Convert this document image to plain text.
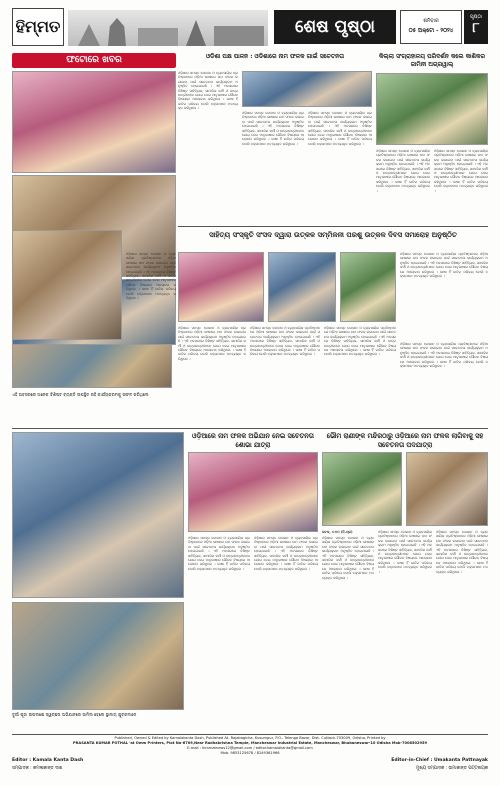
ହିମ୍ମତ	ଶେଷ ପୃଷ୍ଠା	ଶନିବାର
୦୫ ଅକ୍ଟୋ - ୨୦୨୪
ପୃଷ୍ଠା
୮
ଫଟୋରେ ଖବର	ଓଡିଶା ପକ୍ଷ ପାଳନ : ଓଡିଶାରେ ନାମ ଫଳକ ଗାଇଁ ସଚେତନତା
ଓଡ଼ିଶାର ସମସ୍ତ ଦୋକାନ ଓ ବ୍ୟବସାୟିକ ପ୍ରତିଷ୍ଠାନରେ ଓଡ଼ିଆ ଭାଷାରେ ନାମ ଫଳକ ଲଗାଇବା ପାଇଁ ସଚେତନତା କାର୍ଯ୍ୟକ୍ରମ ଅନୁଷ୍ଠିତ ହୋଇଯାଇଛି । ଏହି ଅବସରରେ ବିଶିଷ୍ଟ ସାହିତ୍ୟିକ, ସାମାଜିକ କର୍ମୀ ଓ ଛାତ୍ରଛାତ୍ରୀମାନେ ଯୋଗ ଦେଇ ମାତୃଭାଷାର ଗୌରବ ବିଷୟରେ ଆଲୋଚନା କରିଥିଲେ । ଭାଷା ହିଁ ଜାତିର ପରିଚୟ ବୋଲି ବକ୍ତାମାନେ ମତବ୍ୟକ୍ତ କରିଥିଲେ ।
ଓଡ଼ିଶାର ସମସ୍ତ ଦୋକାନ ଓ ବ୍ୟବସାୟିକ ପ୍ରତିଷ୍ଠାନରେ ଓଡ଼ିଆ ଭାଷାରେ ନାମ ଫଳକ ଲଗାଇବା ପାଇଁ ସଚେତନତା କାର୍ଯ୍ୟକ୍ରମ ଅନୁଷ୍ଠିତ ହୋଇଯାଇଛି । ଏହି ଅବସରରେ ବିଶିଷ୍ଟ ସାହିତ୍ୟିକ, ସାମାଜିକ କର୍ମୀ ଓ ଛାତ୍ରଛାତ୍ରୀମାନେ ଯୋଗ ଦେଇ ମାତୃଭାଷାର ଗୌରବ ବିଷୟରେ ଆଲୋଚନା କରିଥିଲେ । ଭାଷା ହିଁ ଜାତିର ପରିଚୟ ବୋଲି ବକ୍ତାମାନେ ମତବ୍ୟକ୍ତ କରିଥିଲେ ।
ଓଡ଼ିଶାର ସମସ୍ତ ଦୋକାନ ଓ ବ୍ୟବସାୟିକ ପ୍ରତିଷ୍ଠାନରେ ଓଡ଼ିଆ ଭାଷାରେ ନାମ ଫଳକ ଲଗାଇବା ପାଇଁ ସଚେତନତା କାର୍ଯ୍ୟକ୍ରମ ଅନୁଷ୍ଠିତ ହୋଇଯାଇଛି । ଏହି ଅବସରରେ ବିଶିଷ୍ଟ ସାହିତ୍ୟିକ, ସାମାଜିକ କର୍ମୀ ଓ ଛାତ୍ରଛାତ୍ରୀମାନେ ଯୋଗ ଦେଇ ମାତୃଭାଷାର ଗୌରବ ବିଷୟରେ ଆଲୋଚନା କରିଥିଲେ । ଭାଷା ହିଁ ଜାତିର ପରିଚୟ ବୋଲି ବକ୍ତାମାନେ ମତବ୍ୟକ୍ତ କରିଥିଲେ ।
କିଲ୍ଲା ସଂଗ୍ରାହାଳୟ ପରିଦର୍ଶନ କଲେ କାଶିକର ଜାମିନୀ ଅଗ୍ରୱାଲ୍
ଓଡ଼ିଶାର ସମସ୍ତ ଦୋକାନ ଓ ବ୍ୟବସାୟିକ ପ୍ରତିଷ୍ଠାନରେ ଓଡ଼ିଆ ଭାଷାରେ ନାମ ଫଳକ ଲଗାଇବା ପାଇଁ ସଚେତନତା କାର୍ଯ୍ୟକ୍ରମ ଅନୁଷ୍ଠିତ ହୋଇଯାଇଛି । ଏହି ଅବସରରେ ବିଶିଷ୍ଟ ସାହିତ୍ୟିକ, ସାମାଜିକ କର୍ମୀ ଓ ଛାତ୍ରଛାତ୍ରୀମାନେ ଯୋଗ ଦେଇ ମାତୃଭାଷାର ଗୌରବ ବିଷୟରେ ଆଲୋଚନା କରିଥିଲେ । ଭାଷା ହିଁ ଜାତିର ପରିଚୟ ବୋଲି ବକ୍ତାମାନେ ମତବ୍ୟକ୍ତ କରିଥିଲେ ।
ଓଡ଼ିଶାର ସମସ୍ତ ଦୋକାନ ଓ ବ୍ୟବସାୟିକ ପ୍ରତିଷ୍ଠାନରେ ଓଡ଼ିଆ ଭାଷାରେ ନାମ ଫଳକ ଲଗାଇବା ପାଇଁ ସଚେତନତା କାର୍ଯ୍ୟକ୍ରମ ଅନୁଷ୍ଠିତ ହୋଇଯାଇଛି । ଏହି ଅବସରରେ ବିଶିଷ୍ଟ ସାହିତ୍ୟିକ, ସାମାଜିକ କର୍ମୀ ଓ ଛାତ୍ରଛାତ୍ରୀମାନେ ଯୋଗ ଦେଇ ମାତୃଭାଷାର ଗୌରବ ବିଷୟରେ ଆଲୋଚନା କରିଥିଲେ । ଭାଷା ହିଁ ଜାତିର ପରିଚୟ ବୋଲି ବକ୍ତାମାନେ ମତବ୍ୟକ୍ତ କରିଥିଲେ ।
ସାହିତ୍ୟ ସଂସ୍କୃତି ସଂସଦ ଦ୍ୱାରା ଉତ୍କଳ ସମ୍ମିଳନୀ ପରଶୁ ଉତ୍କଳ ଦିବସ ସମାରୋହ ଅନୁଷ୍ଠିତ
ଓଡ଼ିଶାର ସମସ୍ତ ଦୋକାନ ଓ ବ୍ୟବସାୟିକ ପ୍ରତିଷ୍ଠାନରେ ଓଡ଼ିଆ ଭାଷାରେ ନାମ ଫଳକ ଲଗାଇବା ପାଇଁ ସଚେତନତା କାର୍ଯ୍ୟକ୍ରମ ଅନୁଷ୍ଠିତ ହୋଇଯାଇଛି । ଏହି ଅବସରରେ ବିଶିଷ୍ଟ ସାହିତ୍ୟିକ, ସାମାଜିକ କର୍ମୀ ଓ ଛାତ୍ରଛାତ୍ରୀମାନେ ଯୋଗ ଦେଇ ମାତୃଭାଷାର ଗୌରବ ବିଷୟରେ ଆଲୋଚନା କରିଥିଲେ । ଭାଷା ହିଁ ଜାତିର ପରିଚୟ ବୋଲି ବକ୍ତାମାନେ ମତବ୍ୟକ୍ତ କରିଥିଲେ ।
ଓଡ଼ିଶାର ସମସ୍ତ ଦୋକାନ ଓ ବ୍ୟବସାୟିକ ପ୍ରତିଷ୍ଠାନରେ ଓଡ଼ିଆ ଭାଷାରେ ନାମ ଫଳକ ଲଗାଇବା ପାଇଁ ସଚେତନତା କାର୍ଯ୍ୟକ୍ରମ ଅନୁଷ୍ଠିତ ହୋଇଯାଇଛି । ଏହି ଅବସରରେ ବିଶିଷ୍ଟ ସାହିତ୍ୟିକ, ସାମାଜିକ କର୍ମୀ ଓ ଛାତ୍ରଛାତ୍ରୀମାନେ ଯୋଗ ଦେଇ ମାତୃଭାଷାର ଗୌରବ ବିଷୟରେ ଆଲୋଚନା କରିଥିଲେ । ଭାଷା ହିଁ ଜାତିର ପରିଚୟ ବୋଲି ବକ୍ତାମାନେ ମତବ୍ୟକ୍ତ କରିଥିଲେ ।
ଓଡ଼ିଶାର ସମସ୍ତ ଦୋକାନ ଓ ବ୍ୟବସାୟିକ ପ୍ରତିଷ୍ଠାନରେ ଓଡ଼ିଆ ଭାଷାରେ ନାମ ଫଳକ ଲଗାଇବା ପାଇଁ ସଚେତନତା କାର୍ଯ୍ୟକ୍ରମ ଅନୁଷ୍ଠିତ ହୋଇଯାଇଛି । ଏହି ଅବସରରେ ବିଶିଷ୍ଟ ସାହିତ୍ୟିକ, ସାମାଜିକ କର୍ମୀ ଓ ଛାତ୍ରଛାତ୍ରୀମାନେ ଯୋଗ ଦେଇ ମାତୃଭାଷାର ଗୌରବ ବିଷୟରେ ଆଲୋଚନା କରିଥିଲେ । ଭାଷା ହିଁ ଜାତିର ପରିଚୟ ବୋଲି ବକ୍ତାମାନେ ମତବ୍ୟକ୍ତ କରିଥିଲେ ।
ଓଡ଼ିଶାର ସମସ୍ତ ଦୋକାନ ଓ ବ୍ୟବସାୟିକ ପ୍ରତିଷ୍ଠାନରେ ଓଡ଼ିଆ ଭାଷାରେ ନାମ ଫଳକ ଲଗାଇବା ପାଇଁ ସଚେତନତା କାର୍ଯ୍ୟକ୍ରମ ଅନୁଷ୍ଠିତ ହୋଇଯାଇଛି । ଏହି ଅବସରରେ ବିଶିଷ୍ଟ ସାହିତ୍ୟିକ, ସାମାଜିକ କର୍ମୀ ଓ ଛାତ୍ରଛାତ୍ରୀମାନେ ଯୋଗ ଦେଇ ମାତୃଭାଷାର ଗୌରବ ବିଷୟରେ ଆଲୋଚନା କରିଥିଲେ । ଭାଷା ହିଁ ଜାତିର ପରିଚୟ ବୋଲି ବକ୍ତାମାନେ ମତବ୍ୟକ୍ତ କରିଥିଲେ ।
ଓଡ଼ିଶାର ସମସ୍ତ ଦୋକାନ ଓ ବ୍ୟବସାୟିକ ପ୍ରତିଷ୍ଠାନରେ ଓଡ଼ିଆ ଭାଷାରେ ନାମ ଫଳକ ଲଗାଇବା ପାଇଁ ସଚେତନତା କାର୍ଯ୍ୟକ୍ରମ ଅନୁଷ୍ଠିତ ହୋଇଯାଇଛି । ଏହି ଅବସରରେ ବିଶିଷ୍ଟ ସାହିତ୍ୟିକ, ସାମାଜିକ କର୍ମୀ ଓ ଛାତ୍ରଛାତ୍ରୀମାନେ ଯୋଗ ଦେଇ ମାତୃଭାଷାର ଗୌରବ ବିଷୟରେ ଆଲୋଚନା କରିଥିଲେ । ଭାଷା ହିଁ ଜାତିର ପରିଚୟ ବୋଲି ବକ୍ତାମାନେ ମତବ୍ୟକ୍ତ କରିଥିଲେ ।
ଓଡ଼ିଶାର ସମସ୍ତ ଦୋକାନ ଓ ବ୍ୟବସାୟିକ ପ୍ରତିଷ୍ଠାନରେ ଓଡ଼ିଆ ଭାଷାରେ ନାମ ଫଳକ ଲଗାଇବା ପାଇଁ ସଚେତନତା କାର୍ଯ୍ୟକ୍ରମ ଅନୁଷ୍ଠିତ ହୋଇଯାଇଛି । ଏହି ଅବସରରେ ବିଶିଷ୍ଟ ସାହିତ୍ୟିକ, ସାମାଜିକ କର୍ମୀ ଓ ଛାତ୍ରଛାତ୍ରୀମାନେ ଯୋଗ ଦେଇ ମାତୃଭାଷାର ଗୌରବ ବିଷୟରେ ଆଲୋଚନା କରିଥିଲେ । ଭାଷା ହିଁ ଜାତିର ପରିଚୟ ବୋଲି ବକ୍ତାମାନେ ମତବ୍ୟକ୍ତ କରିଥିଲେ ।
ଏହି ଅବସରରେ ଅନେକ ବିଶିଷ୍ଟ ବ୍ୟକ୍ତି ଉପସ୍ଥିତ ରହି କାର୍ଯ୍ୟକ୍ରମକୁ ସଫଳ କରିଥିଲେ
ଦୁର୍ଗା ପୂଜା ଉପଲକ୍ଷେ ସ୍ୱଚ୍ଛତା ଅଭିଯାନରେ ସାମିଲ ହେଲେ ସ୍ଥାନୀୟ ଯୁବକମାନେ
ଓଡ଼ିଆରେ ନାମ ଫଳକ ଅଭିଯାନ ନେଇ ସଚେତନତା ଶୋଭା ଯାତ୍ରା
ଓଡ଼ିଶାର ସମସ୍ତ ଦୋକାନ ଓ ବ୍ୟବସାୟିକ ପ୍ରତିଷ୍ଠାନରେ ଓଡ଼ିଆ ଭାଷାରେ ନାମ ଫଳକ ଲଗାଇବା ପାଇଁ ସଚେତନତା କାର୍ଯ୍ୟକ୍ରମ ଅନୁଷ୍ଠିତ ହୋଇଯାଇଛି । ଏହି ଅବସରରେ ବିଶିଷ୍ଟ ସାହିତ୍ୟିକ, ସାମାଜିକ କର୍ମୀ ଓ ଛାତ୍ରଛାତ୍ରୀମାନେ ଯୋଗ ଦେଇ ମାତୃଭାଷାର ଗୌରବ ବିଷୟରେ ଆଲୋଚନା କରିଥିଲେ । ଭାଷା ହିଁ ଜାତିର ପରିଚୟ ବୋଲି ବକ୍ତାମାନେ ମତବ୍ୟକ୍ତ କରିଥିଲେ ।
ଓଡ଼ିଶାର ସମସ୍ତ ଦୋକାନ ଓ ବ୍ୟବସାୟିକ ପ୍ରତିଷ୍ଠାନରେ ଓଡ଼ିଆ ଭାଷାରେ ନାମ ଫଳକ ଲଗାଇବା ପାଇଁ ସଚେତନତା କାର୍ଯ୍ୟକ୍ରମ ଅନୁଷ୍ଠିତ ହୋଇଯାଇଛି । ଏହି ଅବସରରେ ବିଶିଷ୍ଟ ସାହିତ୍ୟିକ, ସାମାଜିକ କର୍ମୀ ଓ ଛାତ୍ରଛାତ୍ରୀମାନେ ଯୋଗ ଦେଇ ମାତୃଭାଷାର ଗୌରବ ବିଷୟରେ ଆଲୋଚନା କରିଥିଲେ । ଭାଷା ହିଁ ଜାତିର ପରିଚୟ ବୋଲି ବକ୍ତାମାନେ ମତବ୍ୟକ୍ତ କରିଥିଲେ ।
ଭୌମ ରାଣୀଙ୍କ ମନ୍ଦିରଠାରୁ ଓଡ଼ିଆରେ ନାମ ଫଳକ ଲାଗିବାକୁ ସହ ସଚେତନତା ପଦଯାତ୍ରା
କଟକ, ୪।୧୦ (ନି.ପ୍ର)
ଓଡ଼ିଶାର ସମସ୍ତ ଦୋକାନ ଓ ବ୍ୟବସାୟିକ ପ୍ରତିଷ୍ଠାନରେ ଓଡ଼ିଆ ଭାଷାରେ ନାମ ଫଳକ ଲଗାଇବା ପାଇଁ ସଚେତନତା କାର୍ଯ୍ୟକ୍ରମ ଅନୁଷ୍ଠିତ ହୋଇଯାଇଛି । ଏହି ଅବସରରେ ବିଶିଷ୍ଟ ସାହିତ୍ୟିକ, ସାମାଜିକ କର୍ମୀ ଓ ଛାତ୍ରଛାତ୍ରୀମାନେ ଯୋଗ ଦେଇ ମାତୃଭାଷାର ଗୌରବ ବିଷୟରେ ଆଲୋଚନା କରିଥିଲେ । ଭାଷା ହିଁ ଜାତିର ପରିଚୟ ବୋଲି ବକ୍ତାମାନେ ମତବ୍ୟକ୍ତ କରିଥିଲେ ।
ଓଡ଼ିଶାର ସମସ୍ତ ଦୋକାନ ଓ ବ୍ୟବସାୟିକ ପ୍ରତିଷ୍ଠାନରେ ଓଡ଼ିଆ ଭାଷାରେ ନାମ ଫଳକ ଲଗାଇବା ପାଇଁ ସଚେତନତା କାର୍ଯ୍ୟକ୍ରମ ଅନୁଷ୍ଠିତ ହୋଇଯାଇଛି । ଏହି ଅବସରରେ ବିଶିଷ୍ଟ ସାହିତ୍ୟିକ, ସାମାଜିକ କର୍ମୀ ଓ ଛାତ୍ରଛାତ୍ରୀମାନେ ଯୋଗ ଦେଇ ମାତୃଭାଷାର ଗୌରବ ବିଷୟରେ ଆଲୋଚନା କରିଥିଲେ । ଭାଷା ହିଁ ଜାତିର ପରିଚୟ ବୋଲି ବକ୍ତାମାନେ ମତବ୍ୟକ୍ତ କରିଥିଲେ ।
ଓଡ଼ିଶାର ସମସ୍ତ ଦୋକାନ ଓ ବ୍ୟବସାୟିକ ପ୍ରତିଷ୍ଠାନରେ ଓଡ଼ିଆ ଭାଷାରେ ନାମ ଫଳକ ଲଗାଇବା ପାଇଁ ସଚେତନତା କାର୍ଯ୍ୟକ୍ରମ ଅନୁଷ୍ଠିତ ହୋଇଯାଇଛି । ଏହି ଅବସରରେ ବିଶିଷ୍ଟ ସାହିତ୍ୟିକ, ସାମାଜିକ କର୍ମୀ ଓ ଛାତ୍ରଛାତ୍ରୀମାନେ ଯୋଗ ଦେଇ ମାତୃଭାଷାର ଗୌରବ ବିଷୟରେ ଆଲୋଚନା କରିଥିଲେ । ଭାଷା ହିଁ ଜାତିର ପରିଚୟ ବୋଲି ବକ୍ତାମାନେ ମତବ୍ୟକ୍ତ କରିଥିଲେ ।
Published, Owned & Edited by Kamalakanta Dash, Published At- Rajabagicha, Kusumpur, P.O.- Telenga Bazar, Dist- Cuttack-753009, Odisha, Printed by
PRASANTA KUMAR POTHAL 'at Omm Printers, Plot No-6709,Near Radhakrishna Temple, Mancheswar Industrial Estate, Mancheswar, Bhubaneswar-10 Odisha Mob-7008502959
E-mail : himmatnews12@gmail.com / editor.kamalakanta@gmail.com
Mob. 9853125678 / 8249361966
Editor : Kamala Kanta Dash
ସମ୍ପାଦକ : କମଳାକାନ୍ତ ଦାଶ
Editor-in-Chief : Umakanta Pattnayak
ମୁଖ୍ୟ ସମ୍ପାଦକ : ଉମାକାନ୍ତ ପଟ୍ଟନାୟକ
